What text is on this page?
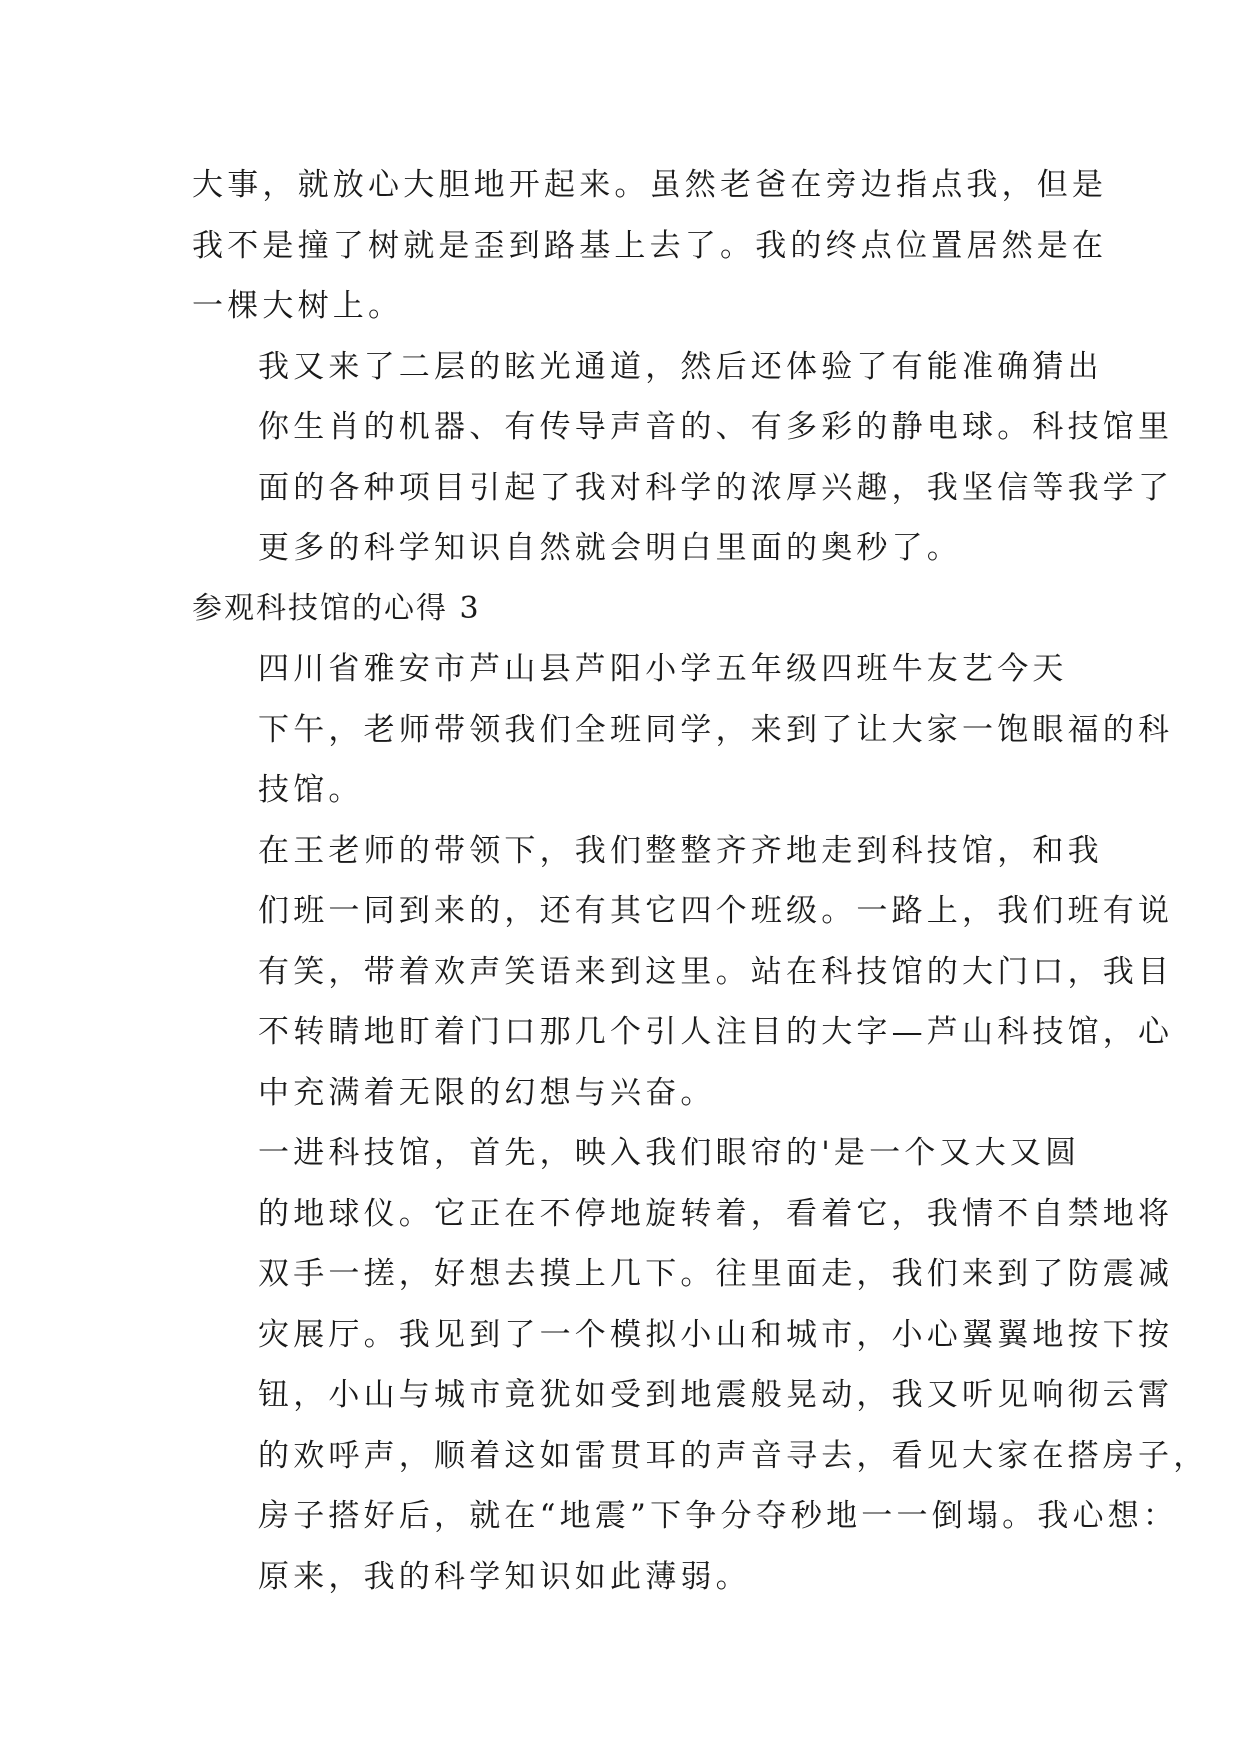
大事，就放心大胆地开起来。虽然老爸在旁边指点我，但是
我不是撞了树就是歪到路基上去了。我的终点位置居然是在
一棵大树上。

我又来了二层的眩光通道，然后还体验了有能准确猜出
你生肖的机器、有传导声音的、有多彩的静电球。科技馆里
面的各种项目引起了我对科学的浓厚兴趣，我坚信等我学了
更多的科学知识自然就会明白里面的奥秒了。

参观科技馆的心得 3

四川省雅安市芦山县芦阳小学五年级四班牛友艺今天
下午，老师带领我们全班同学，来到了让大家一饱眼福的科
技馆。

在王老师的带领下，我们整整齐齐地走到科技馆，和我
们班一同到来的，还有其它四个班级。一路上，我们班有说
有笑，带着欢声笑语来到这里。站在科技馆的大门口，我目
不转睛地盯着门口那几个引人注目的大字—芦山科技馆，心
中充满着无限的幻想与兴奋。

一进科技馆，首先，映入我们眼帘的'是一个又大又圆
的地球仪。它正在不停地旋转着，看着它，我情不自禁地将
双手一搓，好想去摸上几下。往里面走，我们来到了防震减
灾展厅。我见到了一个模拟小山和城市，小心翼翼地按下按
钮，小山与城市竟犹如受到地震般晃动，我又听见响彻云霄
的欢呼声，顺着这如雷贯耳的声音寻去，看见大家在搭房子，
房子搭好后，就在“地震”下争分夺秒地一一倒塌。我心想：
原来，我的科学知识如此薄弱。
